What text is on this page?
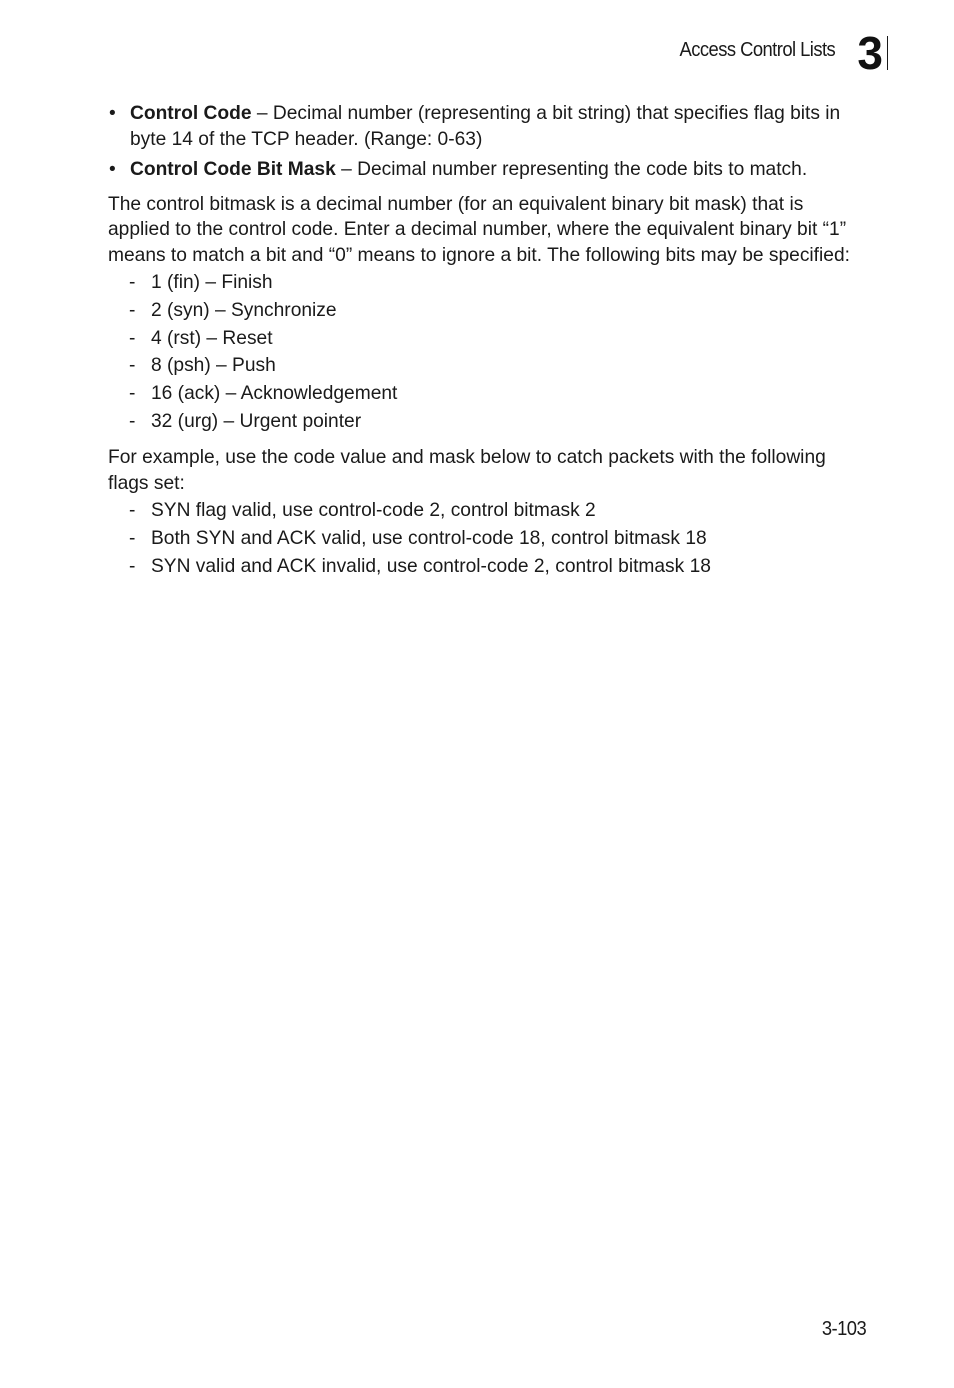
Access Control Lists 3
• Control Code – Decimal number (representing a bit string) that specifies flag bits in byte 14 of the TCP header. (Range: 0-63)
• Control Code Bit Mask – Decimal number representing the code bits to match.

The control bitmask is a decimal number (for an equivalent binary bit mask) that is applied to the control code. Enter a decimal number, where the equivalent binary bit “1” means to match a bit and “0” means to ignore a bit. The following bits may be specified:

- 1 (fin) – Finish
- 2 (syn) – Synchronize
- 4 (rst) – Reset
- 8 (psh) – Push
- 16 (ack) – Acknowledgement
- 32 (urg) – Urgent pointer

For example, use the code value and mask below to catch packets with the following flags set:

- SYN flag valid, use control-code 2, control bitmask 2
- Both SYN and ACK valid, use control-code 18, control bitmask 18
- SYN valid and ACK invalid, use control-code 2, control bitmask 18
3-103
